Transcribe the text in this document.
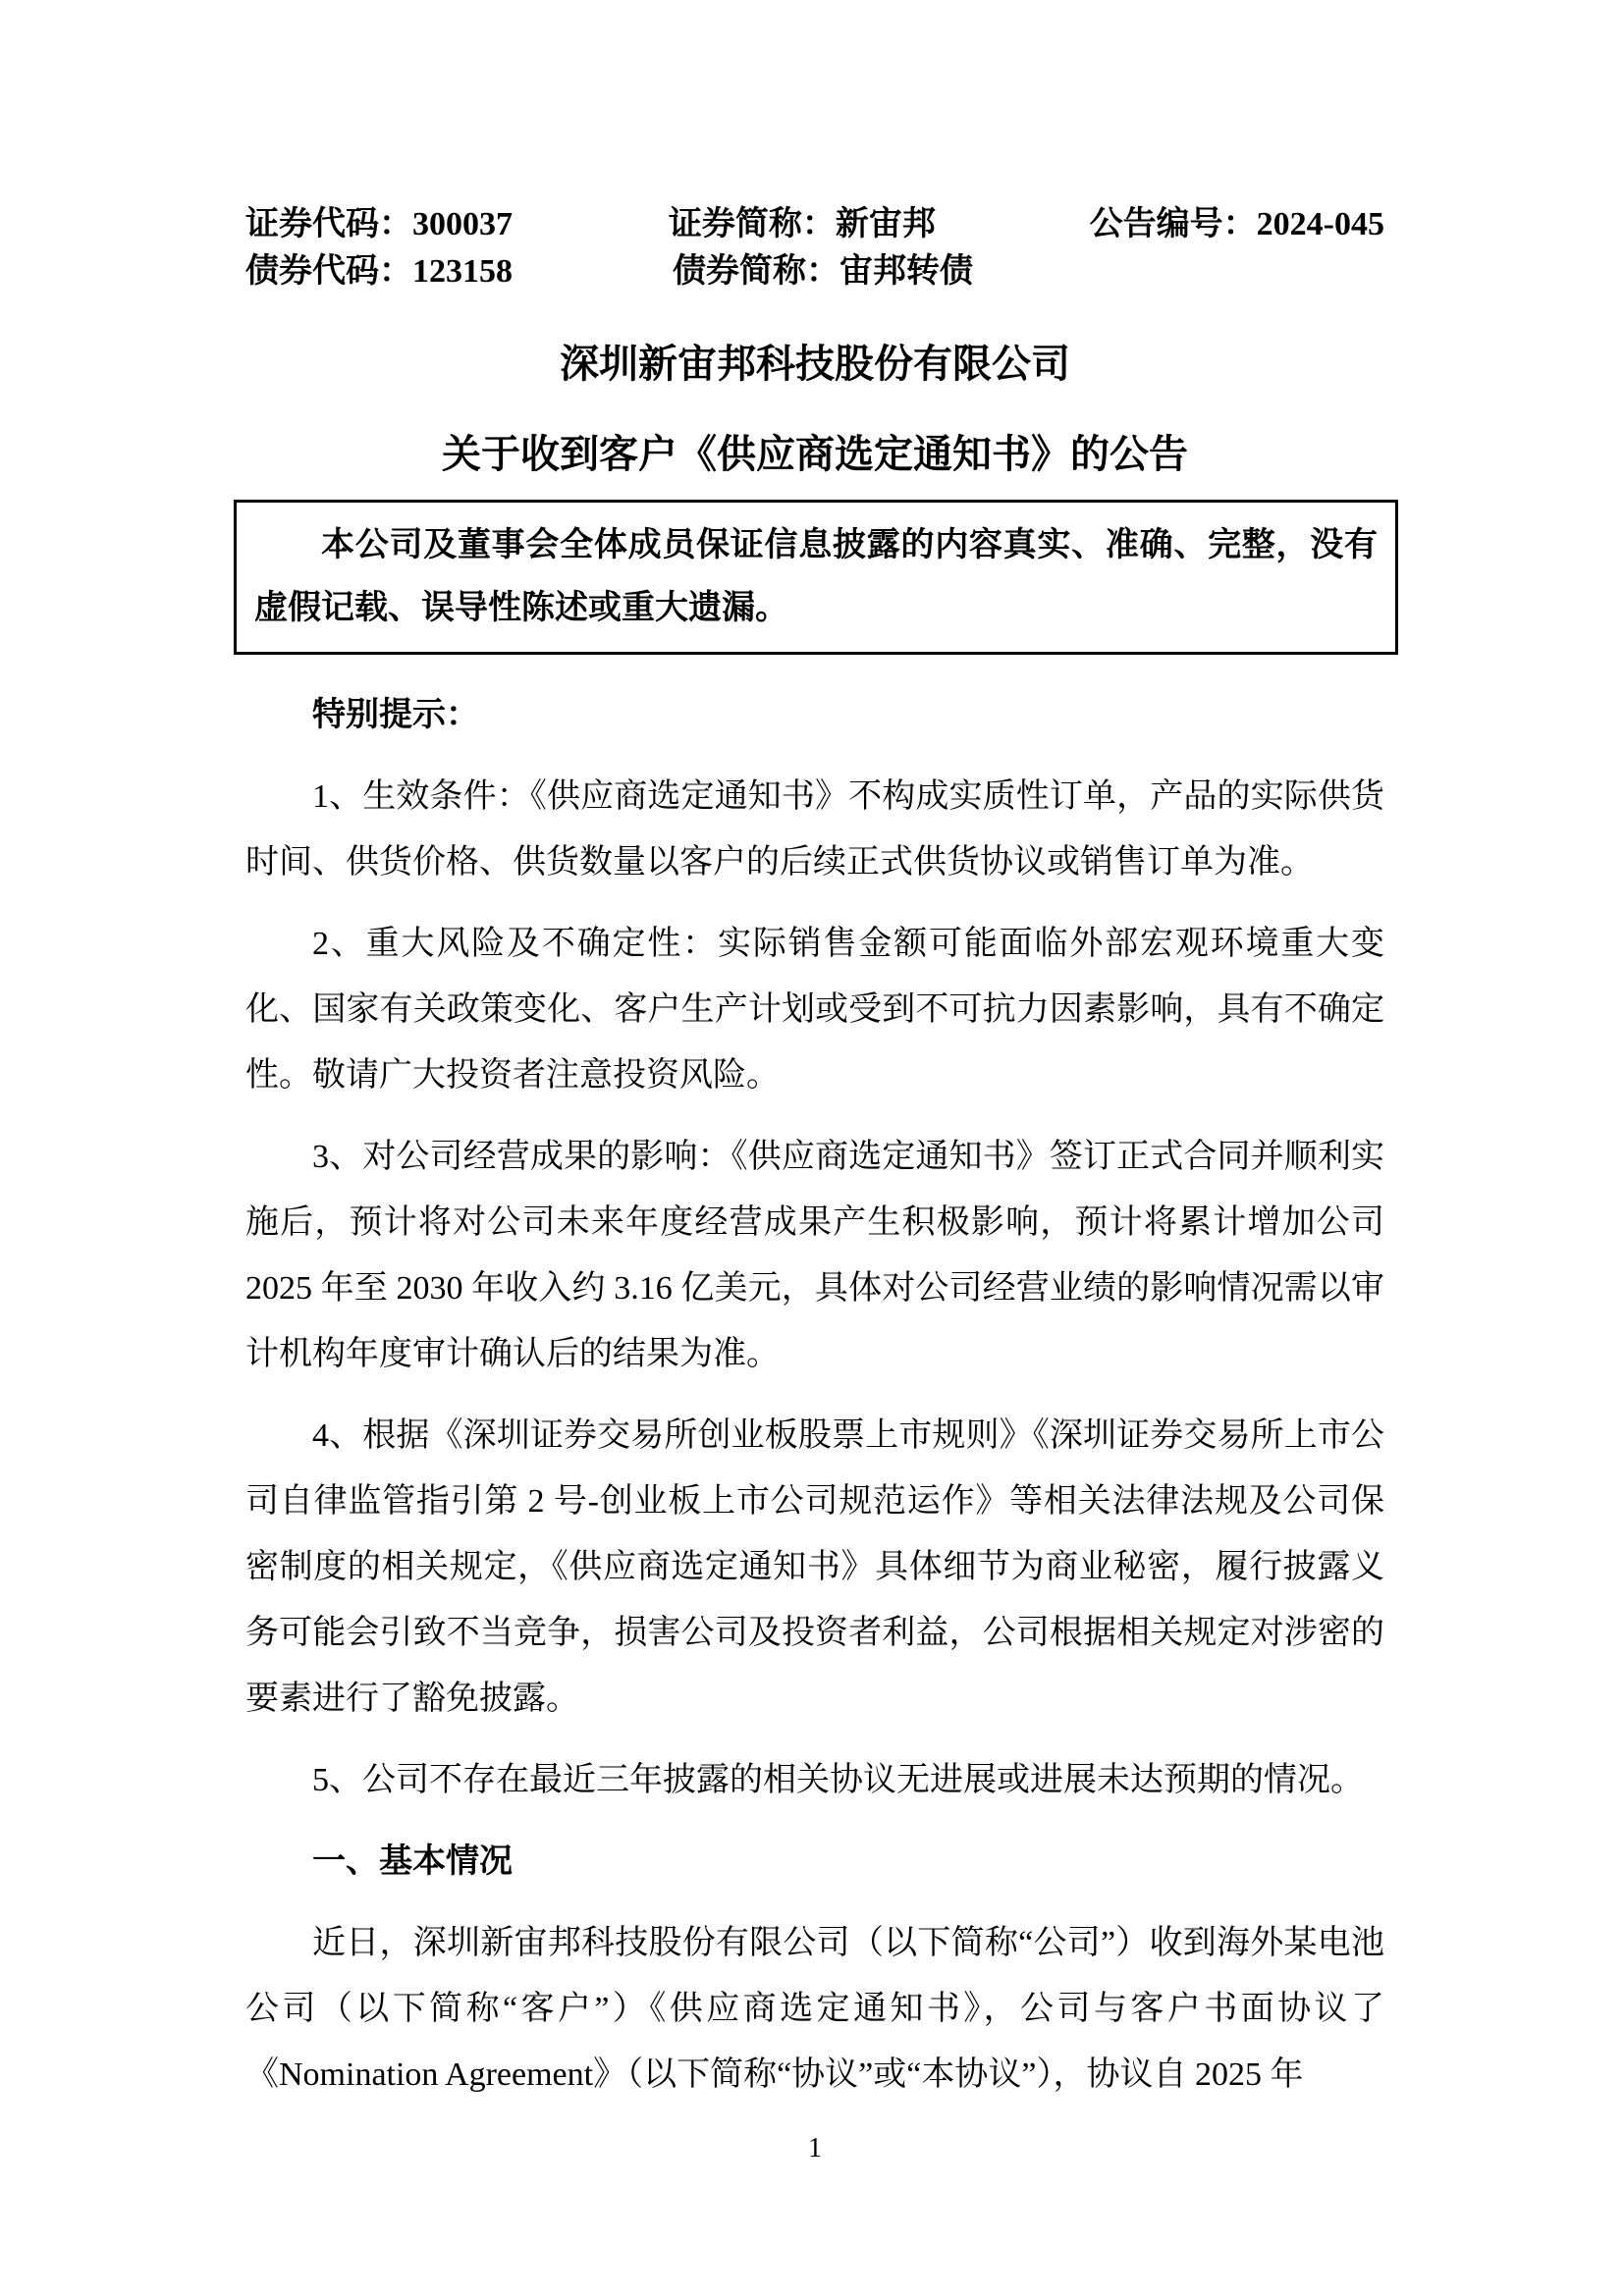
证券代码：300037	证券简称：新宙邦	公告编号：2024-045
债券代码：123158	债券简称：宙邦转债
深圳新宙邦科技股份有限公司
关于收到客户《供应商选定通知书》的公告

本公司及董事会全体成员保证信息披露的内容真实、准确、完整，没有虚假记载、误导性陈述或重大遗漏。

特别提示：

1、生效条件：《供应商选定通知书》不构成实质性订单，产品的实际供货时间、供货价格、供货数量以客户的后续正式供货协议或销售订单为准。

2、重大风险及不确定性：实际销售金额可能面临外部宏观环境重大变化、国家有关政策变化、客户生产计划或受到不可抗力因素影响，具有不确定性。敬请广大投资者注意投资风险。

3、对公司经营成果的影响：《供应商选定通知书》签订正式合同并顺利实施后，预计将对公司未来年度经营成果产生积极影响，预计将累计增加公司 2025 年至 2030 年收入约 3.16 亿美元，具体对公司经营业绩的影响情况需以审计机构年度审计确认后的结果为准。

4、根据《深圳证券交易所创业板股票上市规则》《深圳证券交易所上市公司自律监管指引第 2 号-创业板上市公司规范运作》等相关法律法规及公司保密制度的相关规定，《供应商选定通知书》具体细节为商业秘密，履行披露义务可能会引致不当竞争，损害公司及投资者利益，公司根据相关规定对涉密的要素进行了豁免披露。

5、公司不存在最近三年披露的相关协议无进展或进展未达预期的情况。

一、基本情况

近日，深圳新宙邦科技股份有限公司（以下简称“公司”）收到海外某电池公司（以下简称“客户”）《供应商选定通知书》，公司与客户书面协议了《Nomination Agreement》（以下简称“协议”或“本协议”），协议自 2025 年

1
